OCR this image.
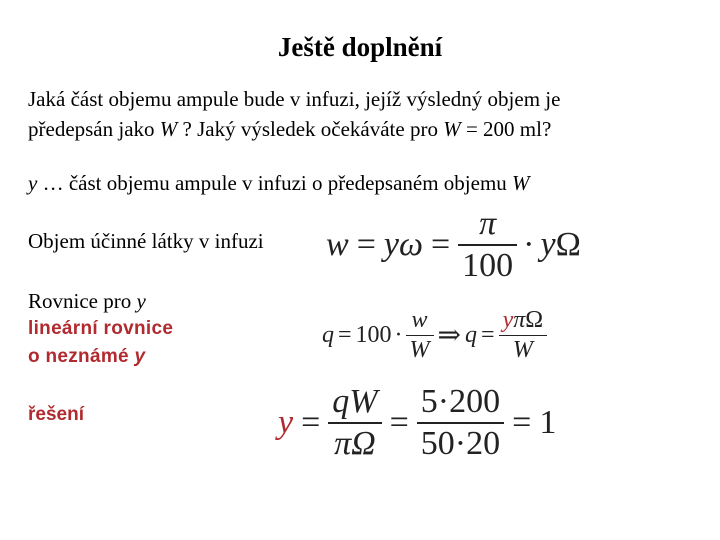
Ještě doplnění
Jaká část objemu ampule bude v infuzi, jejíž výsledný objem je
předepsán jako W ? Jaký výsledek očekáváte pro W = 200 ml?
y … část objemu ampule v infuzi o předepsaném objemu W
Objem účinné látky v infuzi
Rovnice pro y
lineární rovnice
o neznámé y
řešení
w = y $\omega = \frac{\pi}{100} \cdot y$ Ω
$q = 100 \cdot \frac{w}{W}$ ⇒ $q = \frac{\text{yπΩ}}{W}$
$y = \frac{qW}{\pi\Omega} = \frac{5\cdot 200}{50\cdot 20} = 1$
